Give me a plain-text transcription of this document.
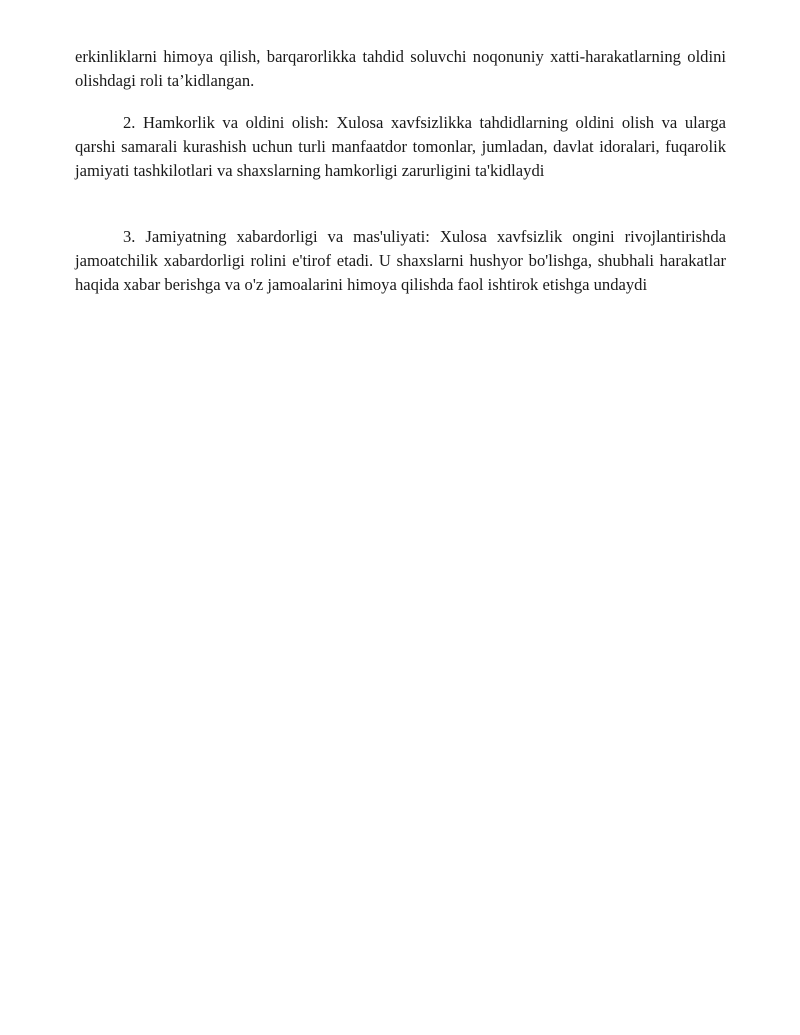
erkinliklarni himoya qilish, barqarorlikka tahdid soluvchi noqonuniy xatti-harakatlarning oldini olishdagi roli ta’kidlangan.

2. Hamkorlik va oldini olish: Xulosa xavfsizlikka tahdidlarning oldini olish va ularga qarshi samarali kurashish uchun turli manfaatdor tomonlar, jumladan, davlat idoralari, fuqarolik jamiyati tashkilotlari va shaxslarning hamkorligi zarurligini ta'kidlaydi

3. Jamiyatning xabardorligi va mas'uliyati: Xulosa xavfsizlik ongini rivojlantirishda jamoatchilik xabardorligi rolini e'tirof etadi. U shaxslarni hushyor bo'lishga, shubhali harakatlar haqida xabar berishga va o'z jamoalarini himoya qilishda faol ishtirok etishga undaydi
